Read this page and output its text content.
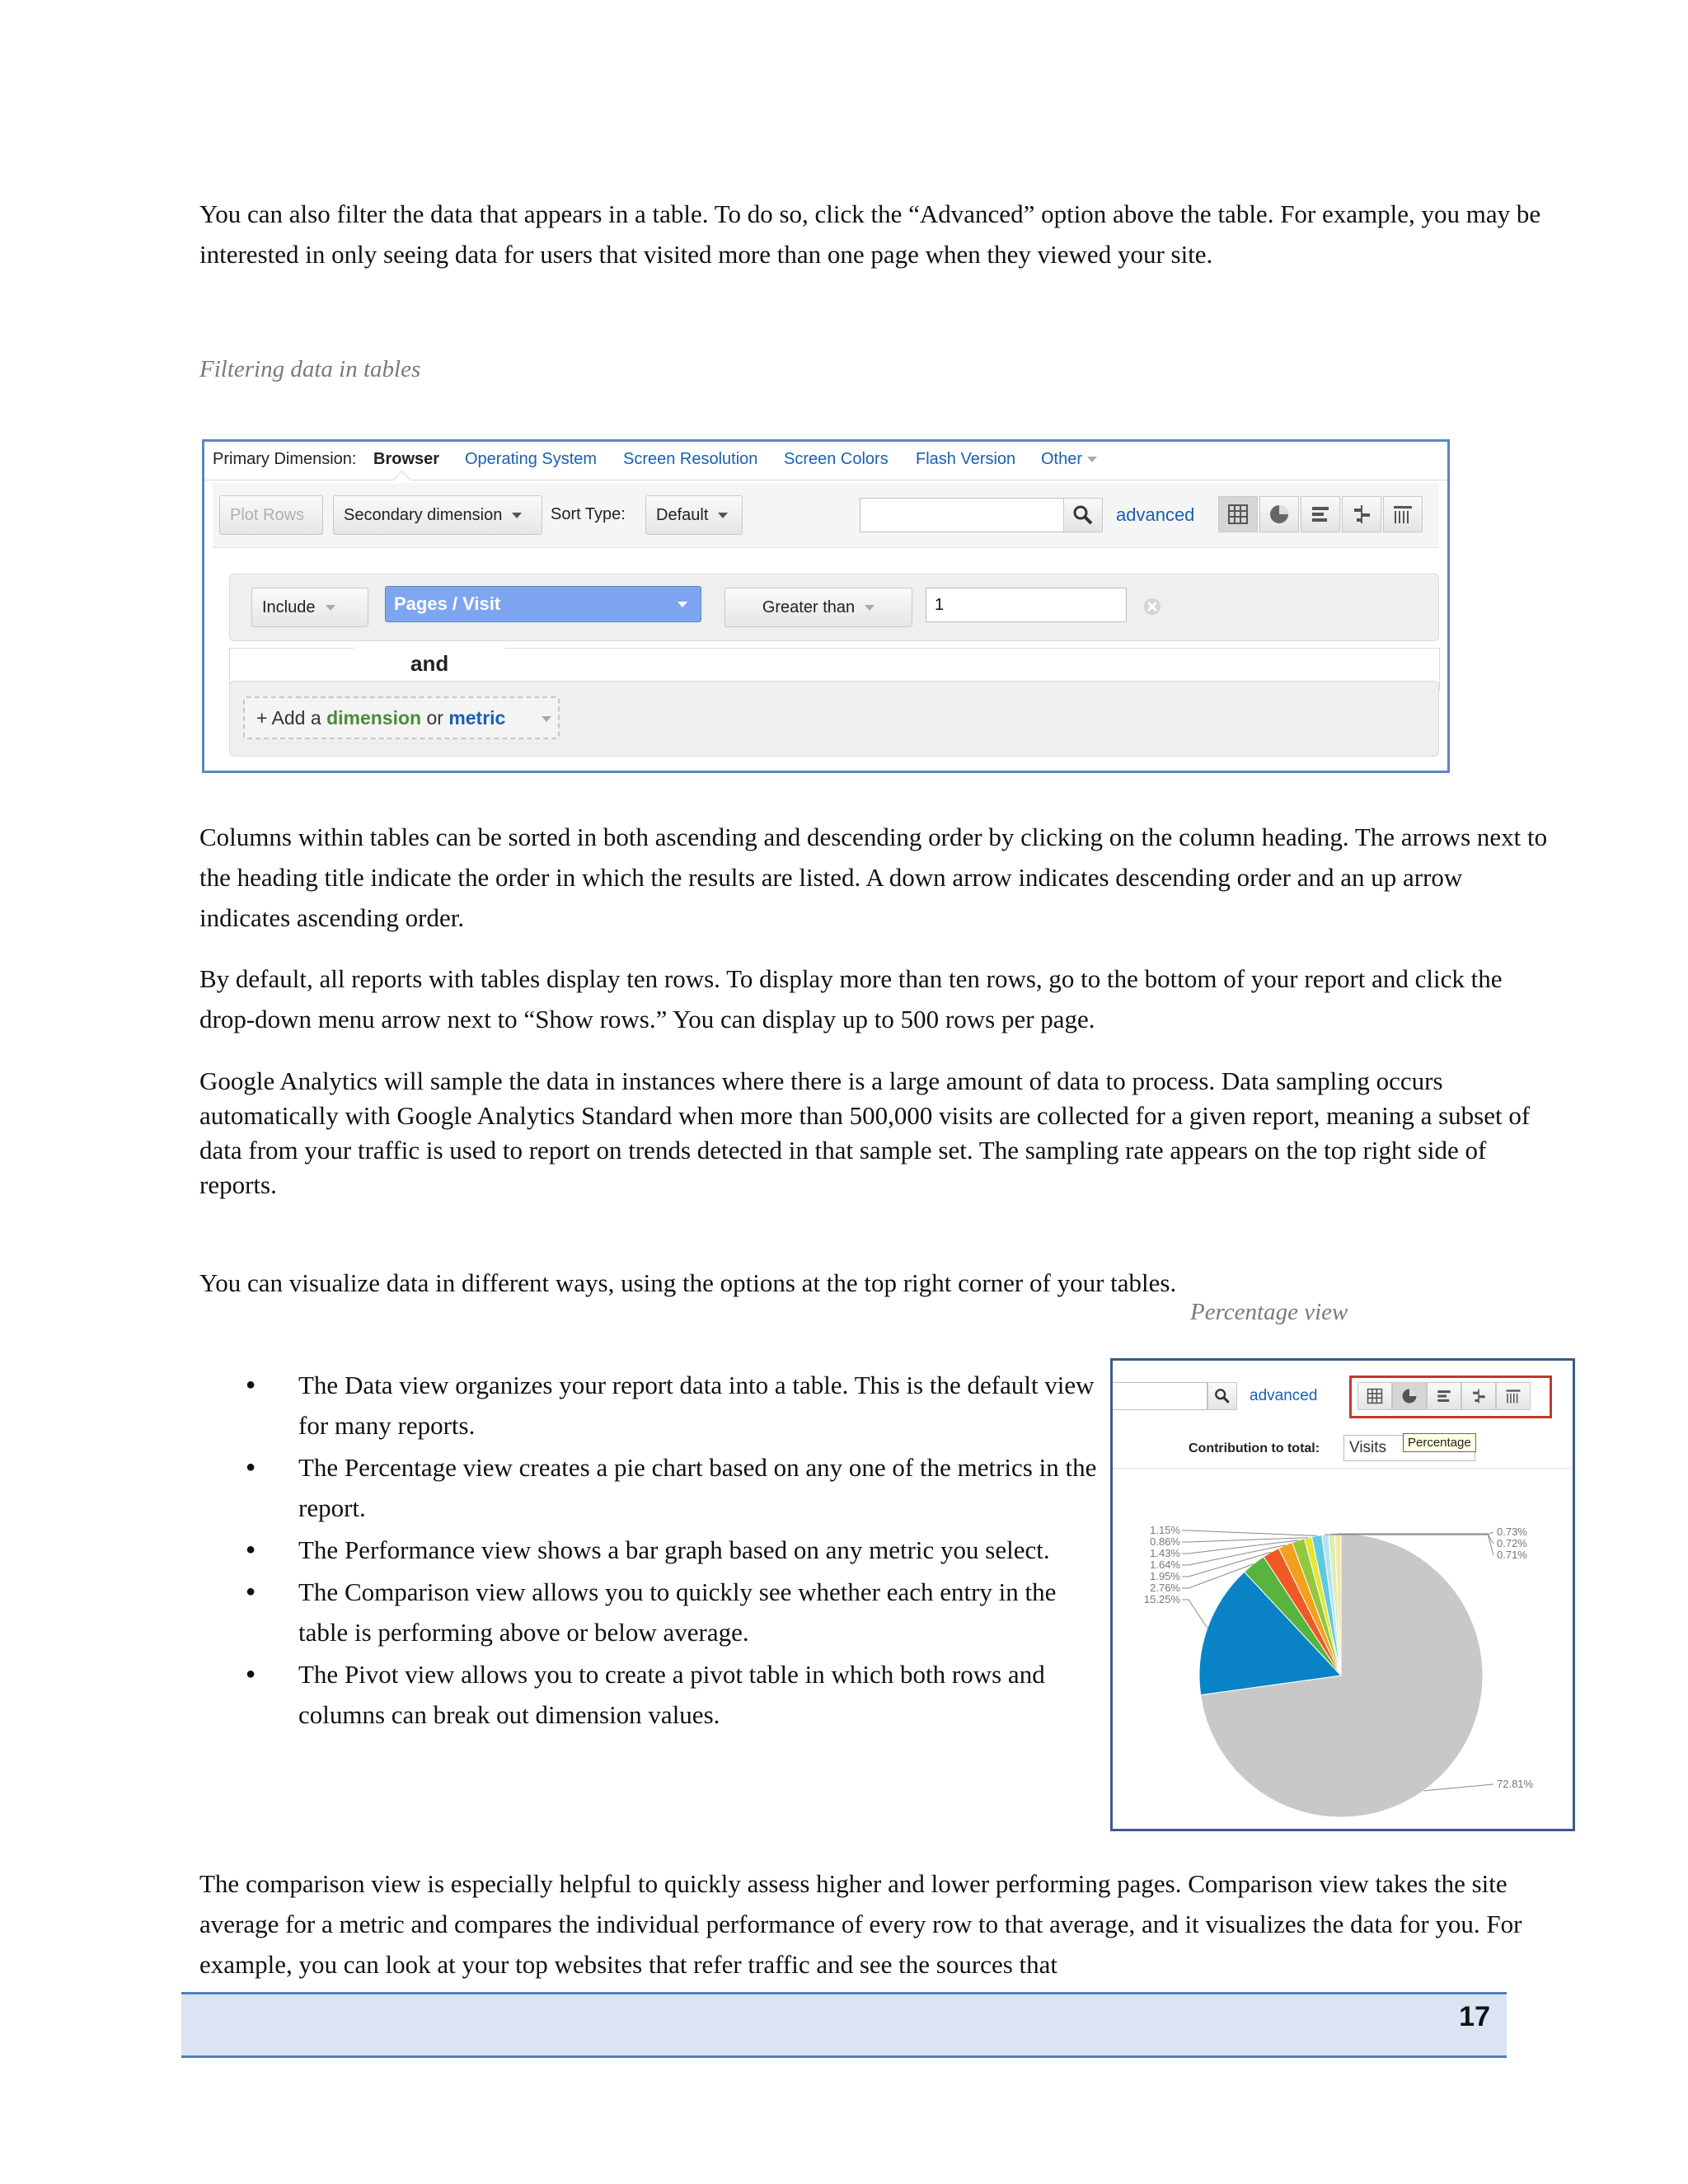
You can also filter the data that appears in a table. To do so, click the “Advanced” option above the table. For example, you may be interested in only seeing data for users that visited more than one page when they viewed your site.
Filtering data in tables
Primary Dimension: Browser Operating System Screen Resolution Screen Colors Flash Version Other
Plot Rows	Secondary dimension	Sort Type:	Default	advanced
Include	Pages / Visit	Greater than	1
and
+ Add a dimension or metric
Columns within tables can be sorted in both ascending and descending order by clicking on the column heading. The arrows next to the heading title indicate the order in which the results are listed. A down arrow indicates descending order and an up arrow indicates ascending order.
By default, all reports with tables display ten rows. To display more than ten rows, go to the bottom of your report and click the drop-down menu arrow next to “Show rows.” You can display up to 500 rows per page.
Google Analytics will sample the data in instances where there is a large amount of data to process. Data sampling occurs automatically with Google Analytics Standard when more than 500,000 visits are collected for a given report, meaning a subset of data from your traffic is used to report on trends detected in that sample set. The sampling rate appears on the top right side of reports.
You can visualize data in different ways, using the options at the top right corner of your tables.
Percentage view
● The Data view organizes your report data into a table. This is the default view for many reports.
● The Percentage view creates a pie chart based on any one of the metrics in the report.
● The Performance view shows a bar graph based on any metric you select.
● The Comparison view allows you to quickly see whether each entry in the table is performing above or below average.
● The Pivot view allows you to create a pivot table in which both rows and columns can break out dimension values.
advanced
Contribution to total:	Visits	Percentage
1.15%
0.86%
1.43%
1.64%
1.95%
2.76%
15.25%
0.73%
0.72%
0.71%
72.81%
The comparison view is especially helpful to quickly assess higher and lower performing pages. Comparison view takes the site average for a metric and compares the individual performance of every row to that average, and it visualizes the data for you. For example, you can look at your top websites that refer traffic and see the sources that
17
